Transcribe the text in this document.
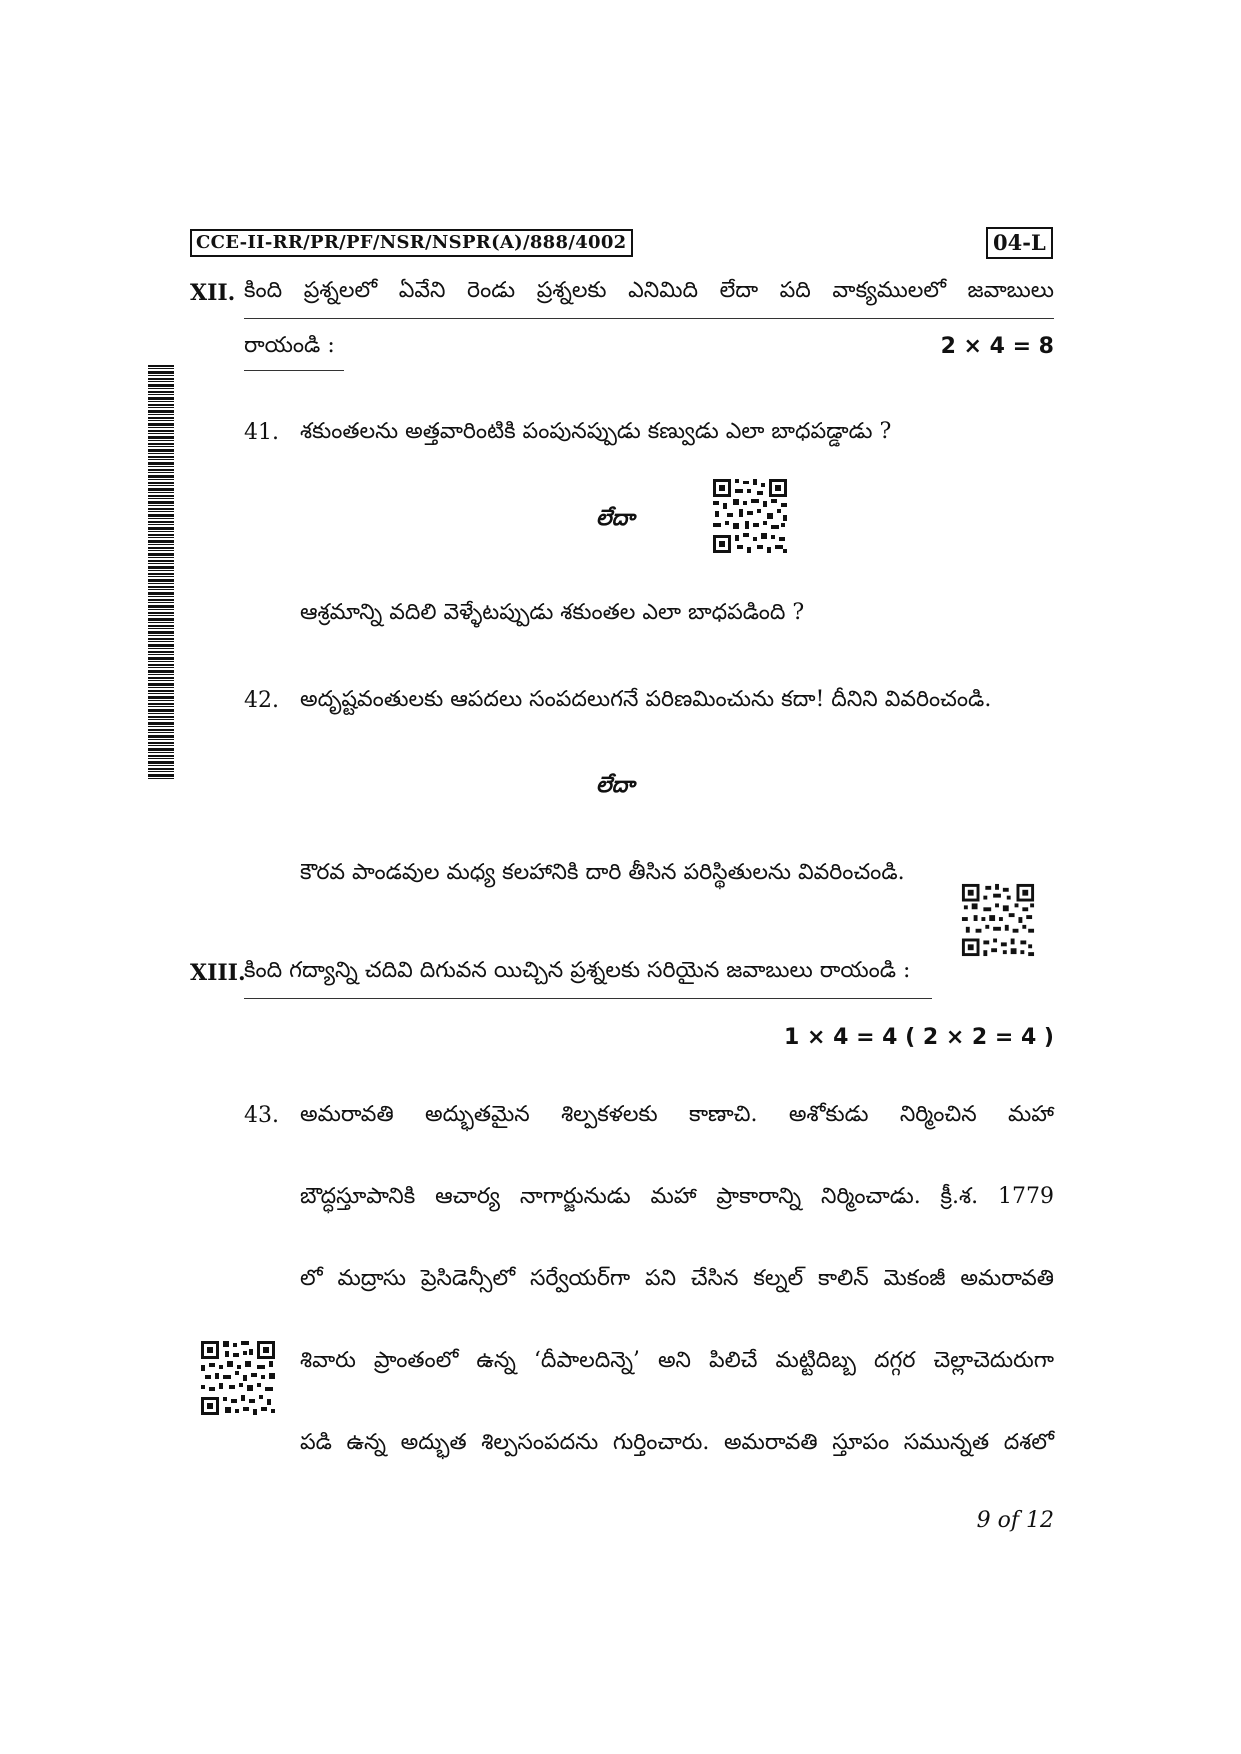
CCE-II-RR/PR/PF/NSR/NSPR(A)/888/4002	04-L
XII. కింది ప్రశ్నలలో ఏవేని రెండు ప్రశ్నలకు ఎనిమిది లేదా పది వాక్యములలో జవాబులు
రాయండి :	2 × 4 = 8
41. శకుంతలను అత్తవారింటికి పంపునప్పుడు కణ్వుడు ఎలా బాధపడ్డాడు ?
లేదా
ఆశ్రమాన్ని వదిలి వెళ్ళేటప్పుడు శకుంతల ఎలా బాధపడింది ?
42. అదృష్టవంతులకు ఆపదలు సంపదలుగనే పరిణమించును కదా! దీనిని వివరించండి.
లేదా
కౌరవ పాండవుల మధ్య కలహానికి దారి తీసిన పరిస్థితులను వివరించండి.
XIII.
కింది గద్యాన్ని చదివి దిగువన యిచ్చిన ప్రశ్నలకు సరియైన జవాబులు రాయండి :
1 × 4 = 4 ( 2 × 2 = 4 )
43. అమరావతి అద్భుతమైన శిల్పకళలకు కాణాచి. అశోకుడు నిర్మించిన మహా
బౌద్ధస్తూపానికి ఆచార్య నాగార్జునుడు మహా ప్రాకారాన్ని నిర్మించాడు. క్రీ.శ. 1779
లో మద్రాసు ప్రెసిడెన్సీలో సర్వేయర్‌గా పని చేసిన కల్నల్ కాలిన్ మెకంజీ అమరావతి
శివారు ప్రాంతంలో ఉన్న ‘దీపాలదిన్నె’ అని పిలిచే మట్టిదిబ్బ దగ్గర చెల్లాచెదురుగా
పడి ఉన్న అద్భుత శిల్పసంపదను గుర్తించారు. అమరావతి స్తూపం సమున్నత దశలో
9 of 12
